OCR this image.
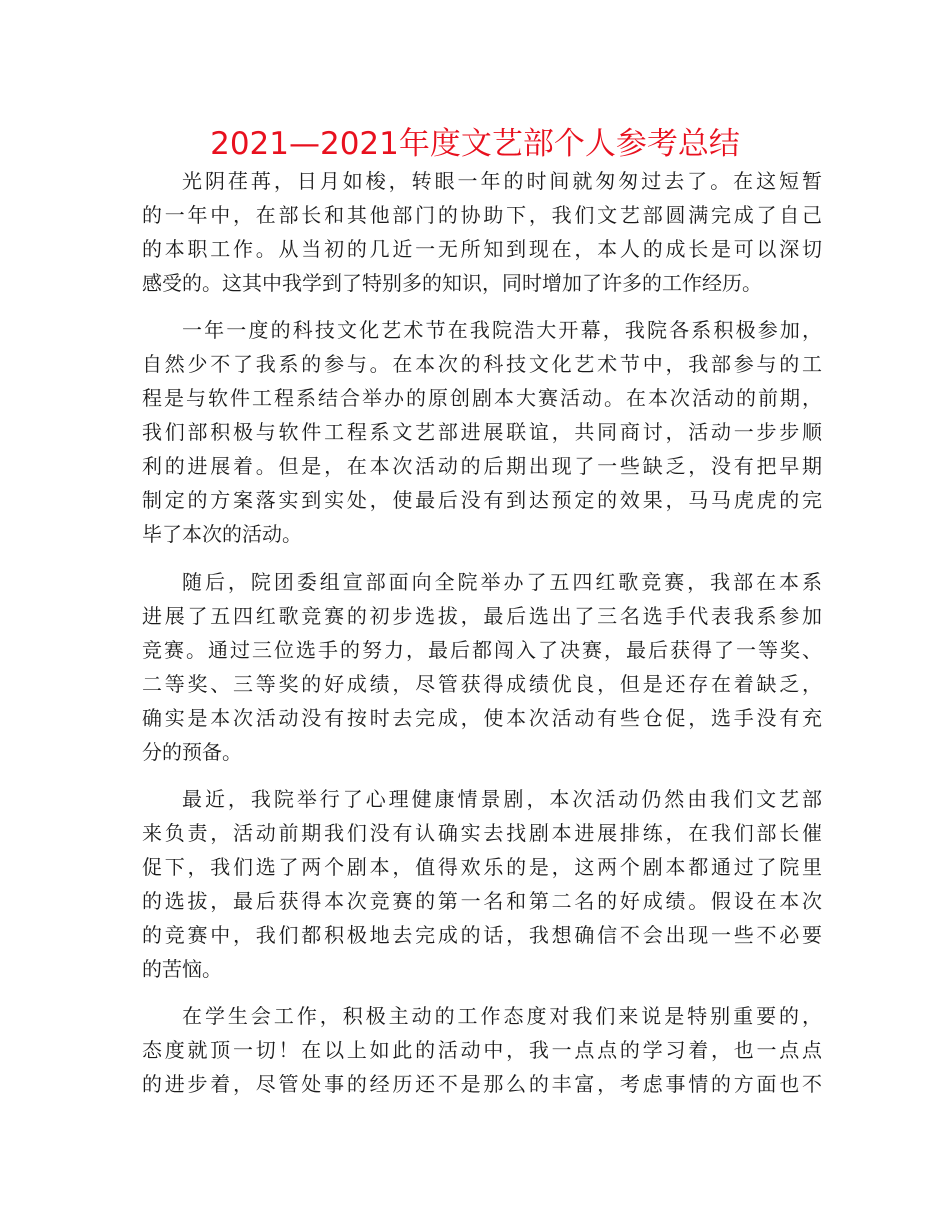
2021—2021年度文艺部个人参考总结
光阴荏苒，日月如梭，转眼一年的时间就匆匆过去了。在这短暂
的一年中，在部长和其他部门的协助下，我们文艺部圆满完成了自己
的本职工作。从当初的几近一无所知到现在，本人的成长是可以深切
感受的。这其中我学到了特别多的知识，同时增加了许多的工作经历。
一年一度的科技文化艺术节在我院浩大开幕，我院各系积极参加，
自然少不了我系的参与。在本次的科技文化艺术节中，我部参与的工
程是与软件工程系结合举办的原创剧本大赛活动。在本次活动的前期，
我们部积极与软件工程系文艺部进展联谊，共同商讨，活动一步步顺
利的进展着。但是，在本次活动的后期出现了一些缺乏，没有把早期
制定的方案落实到实处，使最后没有到达预定的效果，马马虎虎的完
毕了本次的活动。
随后，院团委组宣部面向全院举办了五四红歌竞赛，我部在本系
进展了五四红歌竞赛的初步选拔，最后选出了三名选手代表我系参加
竞赛。通过三位选手的努力，最后都闯入了决赛，最后获得了一等奖、
二等奖、三等奖的好成绩，尽管获得成绩优良，但是还存在着缺乏，
确实是本次活动没有按时去完成，使本次活动有些仓促，选手没有充
分的预备。
最近，我院举行了心理健康情景剧，本次活动仍然由我们文艺部
来负责，活动前期我们没有认确实去找剧本进展排练，在我们部长催
促下，我们选了两个剧本，值得欢乐的是，这两个剧本都通过了院里
的选拔，最后获得本次竞赛的第一名和第二名的好成绩。假设在本次
的竞赛中，我们都积极地去完成的话，我想确信不会出现一些不必要
的苦恼。
在学生会工作，积极主动的工作态度对我们来说是特别重要的，
态度就顶一切！在以上如此的活动中，我一点点的学习着，也一点点
的进步着，尽管处事的经历还不是那么的丰富，考虑事情的方面也不
